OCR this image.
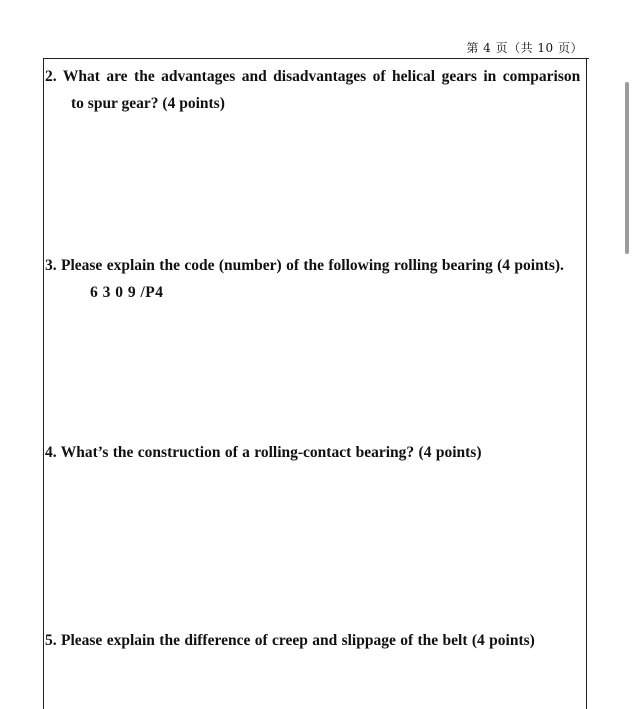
第 4 页（共 10 页）
2. What are the advantages and disadvantages of helical gears in comparison
to spur gear? (4 points)
3. Please explain the code (number) of the following rolling bearing (4 points).
6 3 0 9 /P4
4. What’s the construction of a rolling-contact bearing? (4 points)
5. Please explain the difference of creep and slippage of the belt (4 points)
